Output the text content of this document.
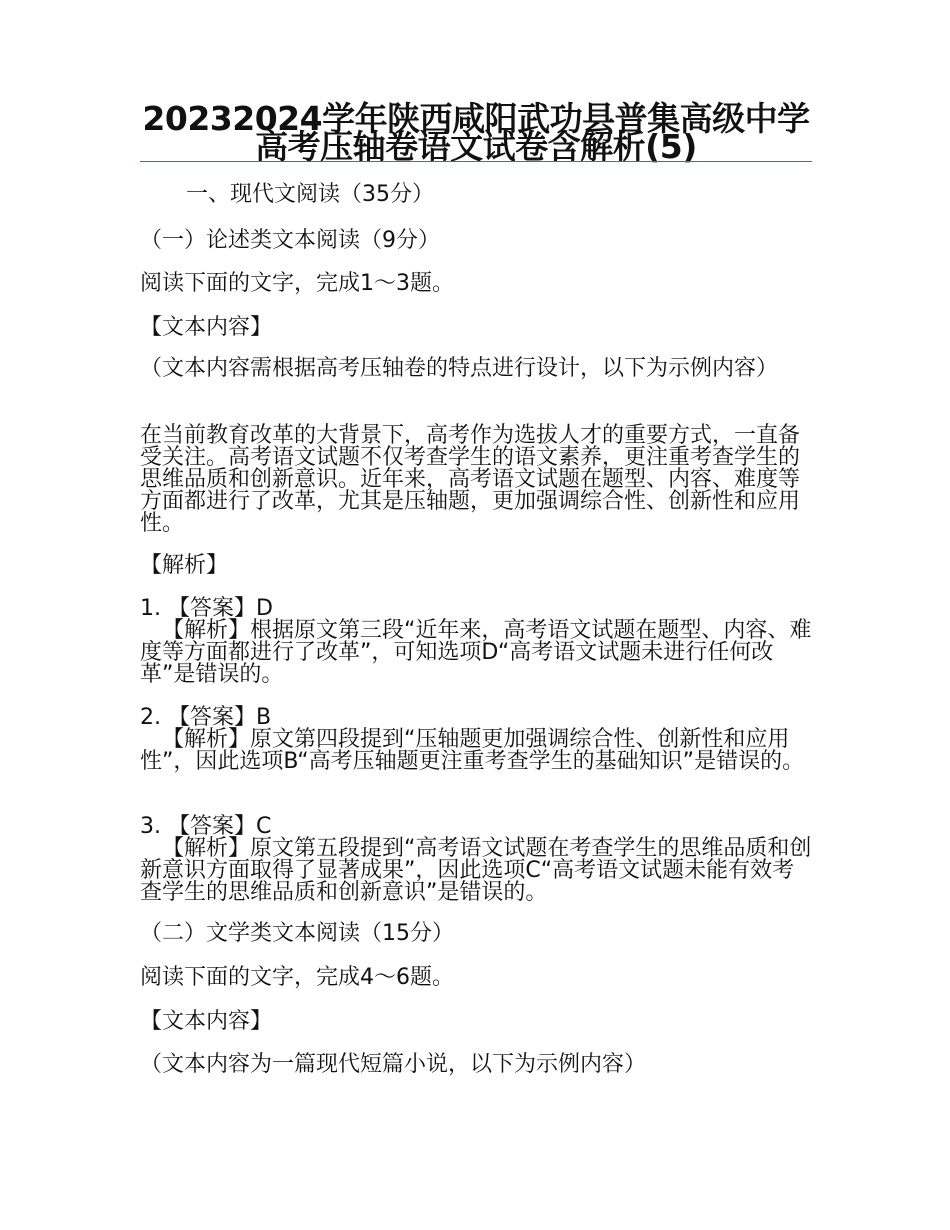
20232024学年陕西咸阳武功县普集高级中学高考压轴卷语文试卷含解析(5)
一、现代文阅读（35分）
（一）论述类文本阅读（9分）
阅读下面的文字，完成1～3题。
【文本内容】
（文本内容需根据高考压轴卷的特点进行设计，以下为示例内容）
在当前教育改革的大背景下，高考作为选拔人才的重要方式，一直备受关注。高考语文试题不仅考查学生的语文素养，更注重考查学生的思维品质和创新意识。近年来，高考语文试题在题型、内容、难度等方面都进行了改革，尤其是压轴题，更加强调综合性、创新性和应用性。
【解析】
1. 【答案】D
【解析】根据原文第三段“近年来，高考语文试题在题型、内容、难度等方面都进行了改革”，可知选项D“高考语文试题未进行任何改革”是错误的。
2. 【答案】B
【解析】原文第四段提到“压轴题更加强调综合性、创新性和应用性”，因此选项B“高考压轴题更注重考查学生的基础知识”是错误的。
3. 【答案】C
【解析】原文第五段提到“高考语文试题在考查学生的思维品质和创新意识方面取得了显著成果”，因此选项C“高考语文试题未能有效考查学生的思维品质和创新意识”是错误的。
（二）文学类文本阅读（15分）
阅读下面的文字，完成4～6题。
【文本内容】
（文本内容为一篇现代短篇小说，以下为示例内容）
